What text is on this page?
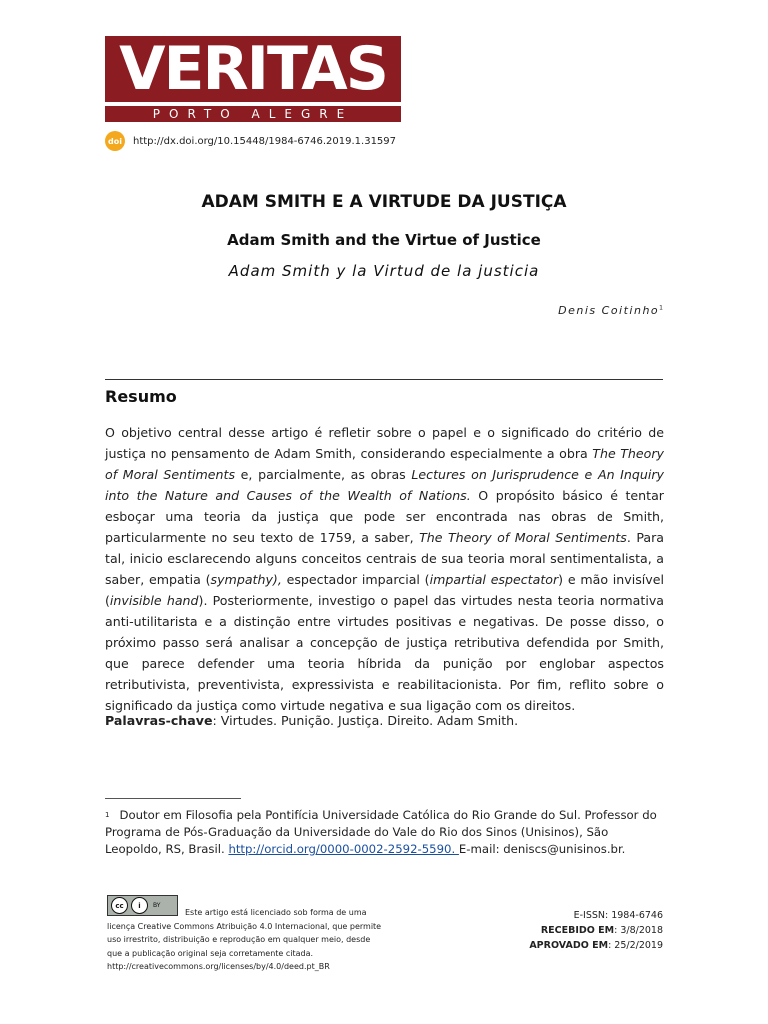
VERITAS
PORTO ALEGRE
doi	http://dx.doi.org/10.15448/1984-6746.2019.1.31597
ADAM SMITH E A VIRTUDE DA JUSTIÇA
Adam Smith and the Virtue of Justice
Adam Smith y la Virtud de la justicia
Denis Coitinho$^1$
Resumo

O objetivo central desse artigo é refletir sobre o papel e o significado do critério de justiça no pensamento de Adam Smith, considerando especialmente a obra The Theory of Moral Sentiments e, parcialmente, as obras Lectures on Jurisprudence e An Inquiry into the Nature and Causes of the Wealth of Nations. O propósito básico é tentar esboçar uma teoria da justiça que pode ser encontrada nas obras de Smith, particularmente no seu texto de 1759, a saber, The Theory of Moral Sentiments. Para tal, inicio esclarecendo alguns conceitos centrais de sua teoria moral sentimentalista, a saber, empatia (sympathy), espectador imparcial (impartial espectator) e mão invisível (invisible hand). Posteriormente, investigo o papel das virtudes nesta teoria normativa anti-utilitarista e a distinção entre virtudes positivas e negativas. De posse disso, o próximo passo será analisar a concepção de justiça retributiva defendida por Smith, que parece defender uma teoria híbrida da punição por englobar aspectos retributivista, preventivista, expressivista e reabilitacionista. Por fim, reflito sobre o significado da justiça como virtude negativa e sua ligação com os direitos.

Palavras-chave: Virtudes. Punição. Justiça. Direito. Adam Smith.
$^1$ Doutor em Filosofia pela Pontifícia Universidade Católica do Rio Grande do Sul. Professor do Programa de Pós-Graduação da Universidade do Vale do Rio dos Sinos (Unisinos), São Leopoldo, RS, Brasil. http://orcid.org/0000-0002-2592-5590. E-mail: deniscs@unisinos.br.
cc	i	BY
Este artigo está licenciado sob forma de uma licença Creative Commons Atribuição 4.0 Internacional, que permite uso irrestrito, distribuição e reprodução em qualquer meio, desde que a publicação original seja corretamente citada. http://creativecommons.org/licenses/by/4.0/deed.pt_BR
E-ISSN: 1984-6746
RECEBIDO EM: 3/8/2018
APROVADO EM: 25/2/2019
